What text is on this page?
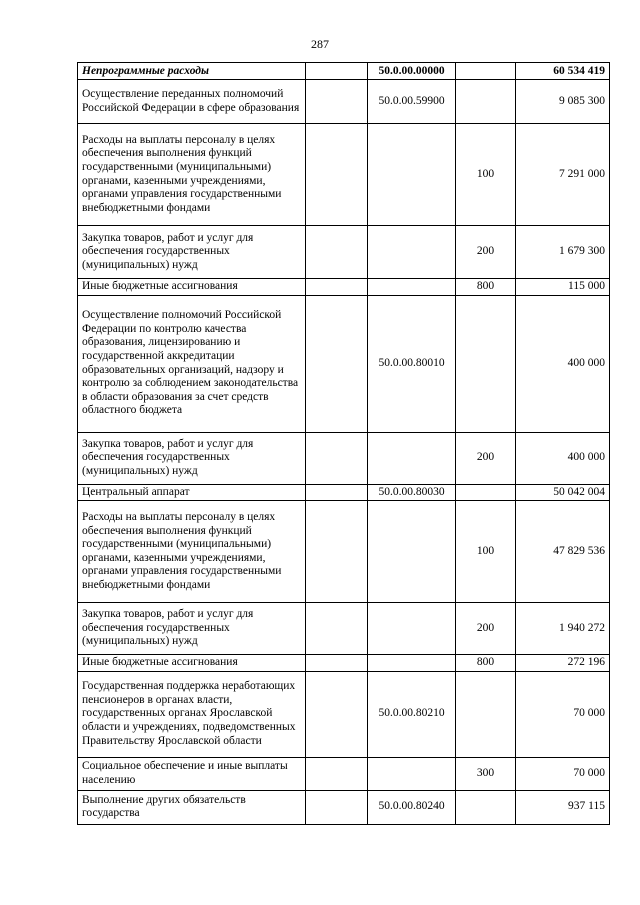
287
Непрограммные расходы		50.0.00.00000		60 534 419
Осуществление переданных полномочий Российской Федерации в сфере образования		50.0.00.59900		9 085 300
Расходы на выплаты персоналу в целях обеспечения выполнения функций государственными (муниципальными) органами, казенными учреждениями, органами управления государственными внебюджетными фондами			100	7 291 000
Закупка товаров, работ и услуг для обеспечения государственных (муниципальных) нужд			200	1 679 300
Иные бюджетные ассигнования			800	115 000
Осуществление полномочий Российской Федерации по контролю качества образования, лицензированию и государственной аккредитации образовательных организаций, надзору и контролю за соблюдением законодательства в области образования за счет средств областного бюджета		50.0.00.80010		400 000
Закупка товаров, работ и услуг для обеспечения государственных (муниципальных) нужд			200	400 000
Центральный аппарат		50.0.00.80030		50 042 004
Расходы на выплаты персоналу в целях обеспечения выполнения функций государственными (муниципальными) органами, казенными учреждениями, органами управления государственными внебюджетными фондами			100	47 829 536
Закупка товаров, работ и услуг для обеспечения государственных (муниципальных) нужд			200	1 940 272
Иные бюджетные ассигнования			800	272 196
Государственная поддержка неработающих пенсионеров в органах власти, государственных органах Ярославской области и учреждениях, подведомственных Правительству Ярославской области		50.0.00.80210		70 000
Социальное обеспечение и иные выплаты населению			300	70 000
Выполнение других обязательств государства		50.0.00.80240		937 115
